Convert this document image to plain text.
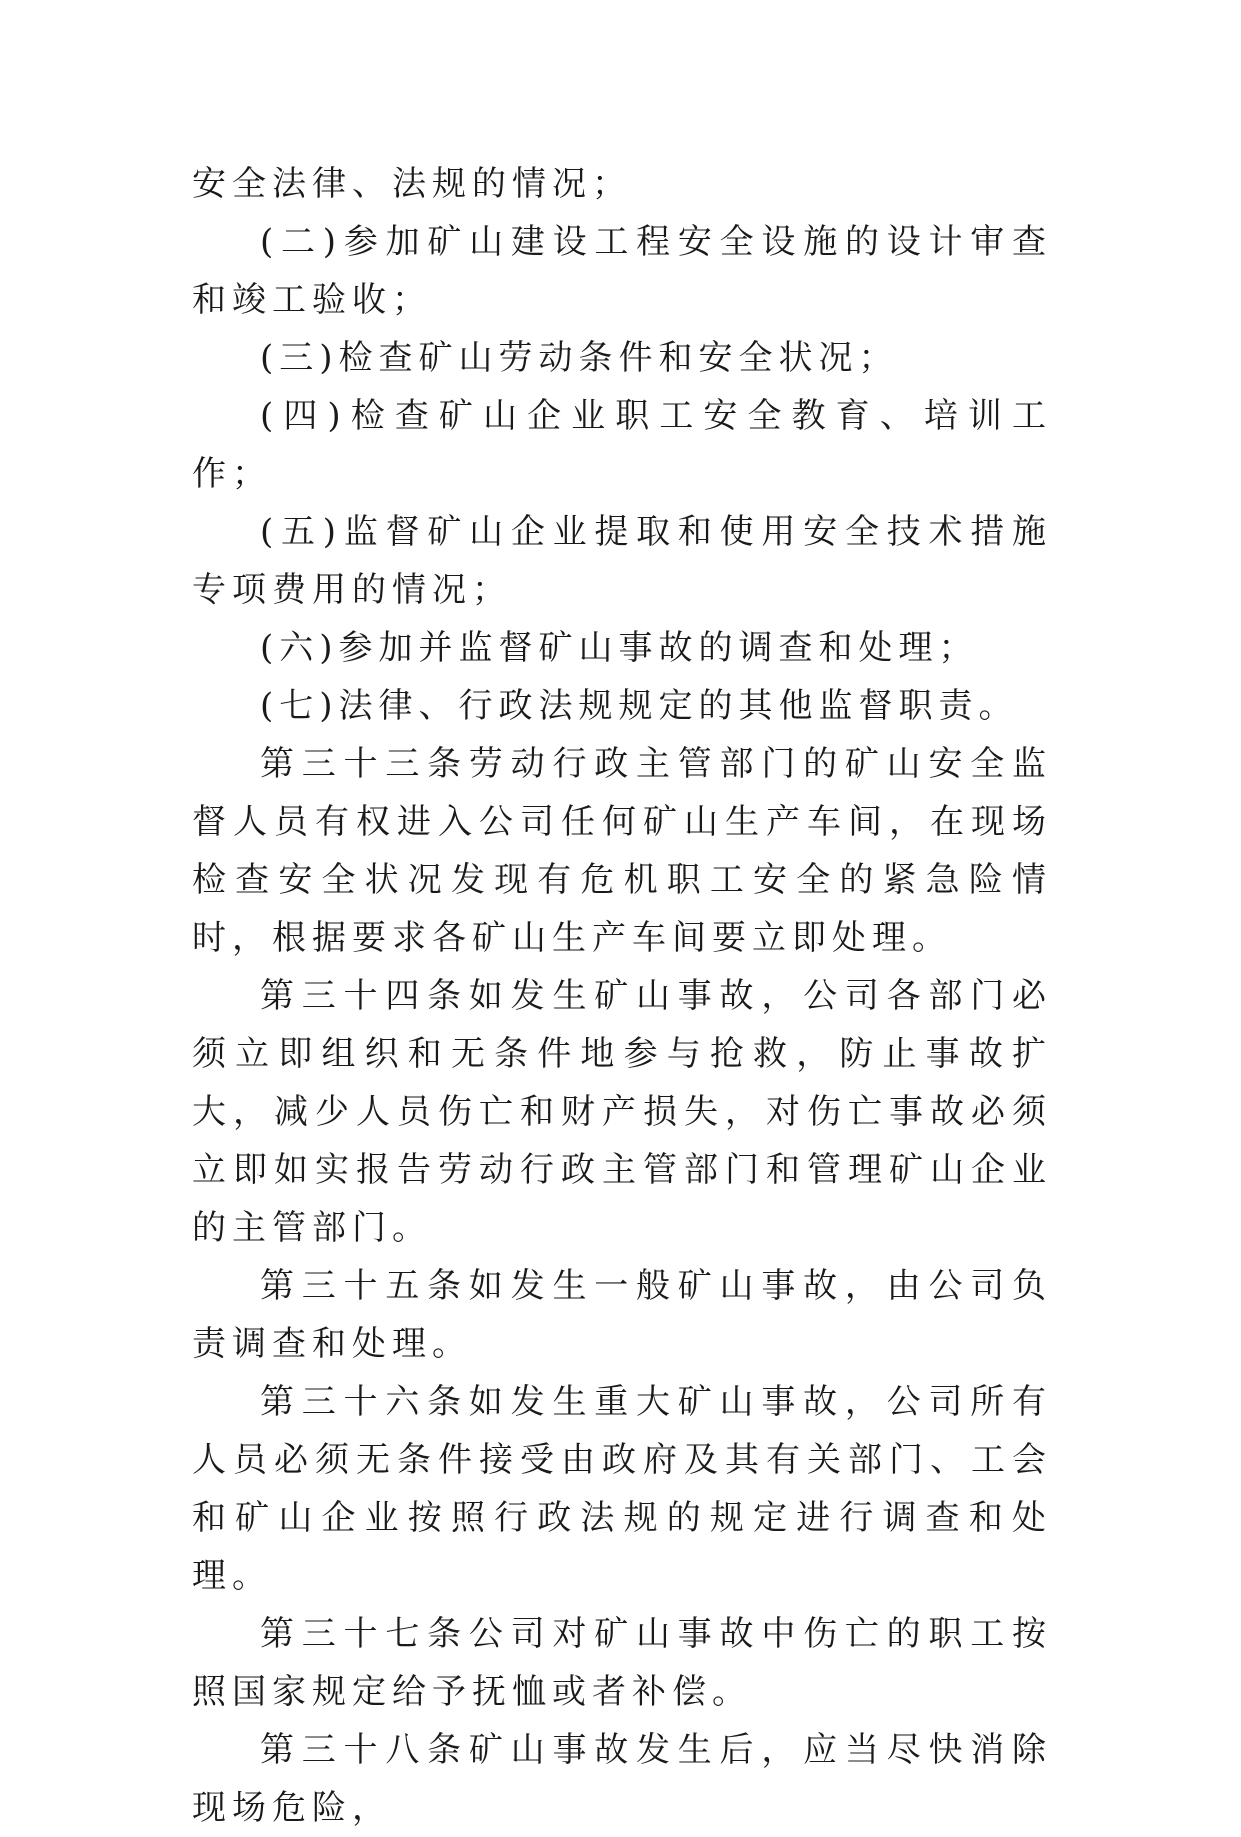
安全法律、法规的情况；

(二)参加矿山建设工程安全设施的设计审查和竣工验收；

(三)检查矿山劳动条件和安全状况；

(四)检查矿山企业职工安全教育、培训工作；

(五)监督矿山企业提取和使用安全技术措施专项费用的情况；

(六)参加并监督矿山事故的调查和处理；

(七)法律、行政法规规定的其他监督职责。

第三十三条劳动行政主管部门的矿山安全监督人员有权进入公司任何矿山生产车间，在现场检查安全状况发现有危机职工安全的紧急险情时，根据要求各矿山生产车间要立即处理。

第三十四条如发生矿山事故，公司各部门必须立即组织和无条件地参与抢救，防止事故扩大，减少人员伤亡和财产损失，对伤亡事故必须立即如实报告劳动行政主管部门和管理矿山企业的主管部门。

第三十五条如发生一般矿山事故，由公司负责调查和处理。

第三十六条如发生重大矿山事故，公司所有人员必须无条件接受由政府及其有关部门、工会和矿山企业按照行政法规的规定进行调查和处理。

第三十七条公司对矿山事故中伤亡的职工按照国家规定给予抚恤或者补偿。

第三十八条矿山事故发生后，应当尽快消除现场危险，
